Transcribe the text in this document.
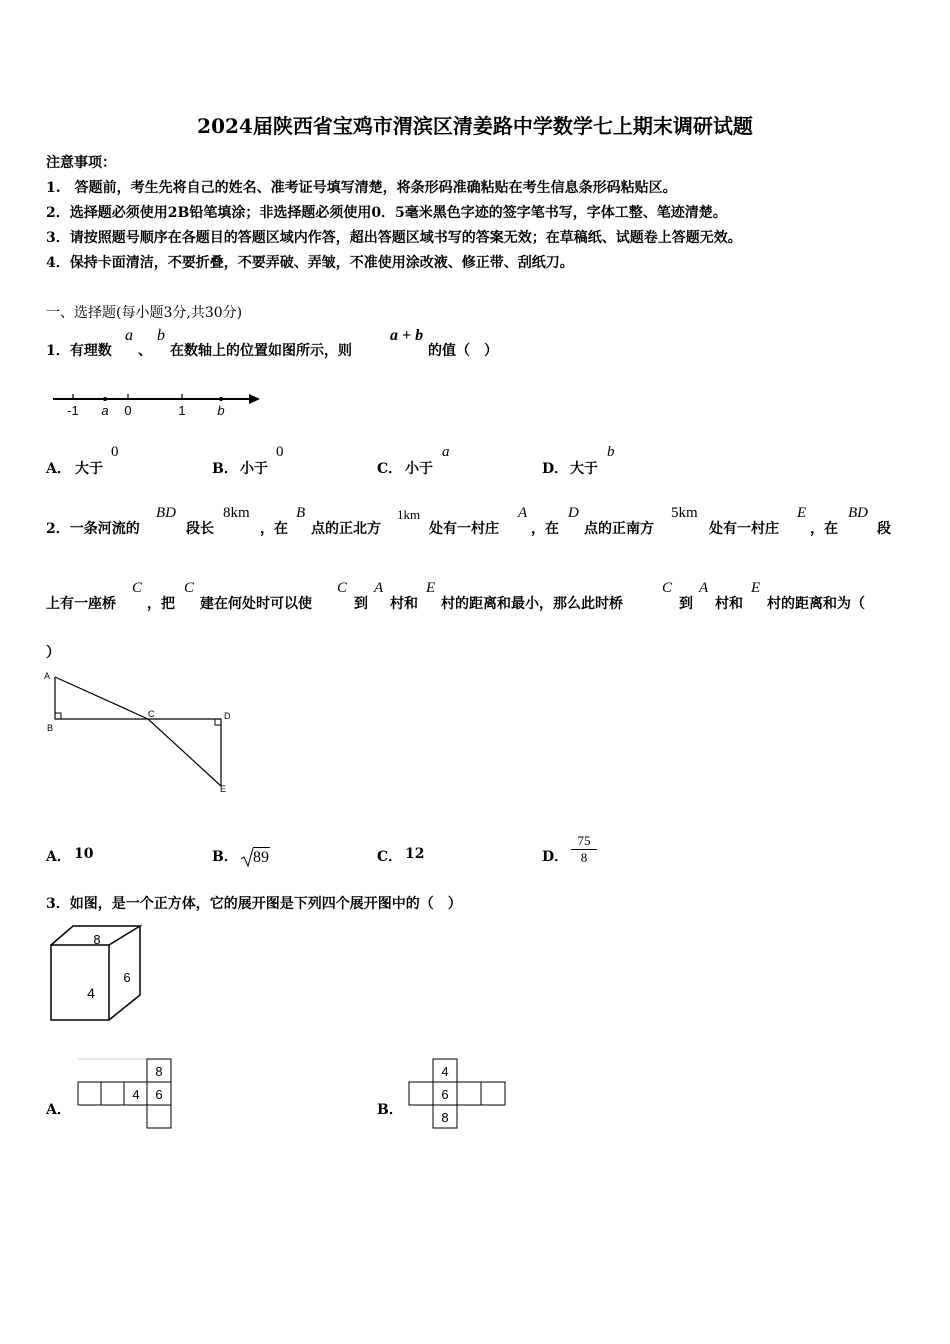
2024届陕西省宝鸡市渭滨区清姜路中学数学七上期末调研试题
注意事项：
1.　答题前，考生先将自己的姓名、准考证号填写清楚，将条形码准确粘贴在考生信息条形码粘贴区。
2．选择题必须使用2B铅笔填涂；非选择题必须使用0．5毫米黑色字迹的签字笔书写，字体工整、笔迹清楚。
3．请按照题号顺序在各题目的答题区域内作答，超出答题区域书写的答案无效；在草稿纸、试题卷上答题无效。
4．保持卡面清洁，不要折叠，不要弄破、弄皱，不准使用涂改液、修正带、刮纸刀。
一、选择题(每小题3分,共30分)
1．有理数
a
、
b
在数轴上的位置如图所示，则
a + b
的值（　）
-1 a 0	1 b
A． 大于
0
B． 小于
0
C． 小于
a
D． 大于
b
2．一条河流的
BD
段长
8km
，在
B
点的正北方
1km
处有一村庄
A
，在
D
点的正南方
5km
处有一村庄
E
，在
BD
段
上有一座桥
C
，把
C
建在何处时可以使
C
到
A
村和
E
村的距离和最小，那么此时桥
C
到
A
村和
E
村的距离和为（
）
A
B
C	D
E
A． 10	B． 89	C． 12	D． $\frac{75}{8}$
3．如图，是一个正方体，它的展开图是下列四个展开图中的（　）
8
4
6
A．
8
4 6
B．
4
6
8
